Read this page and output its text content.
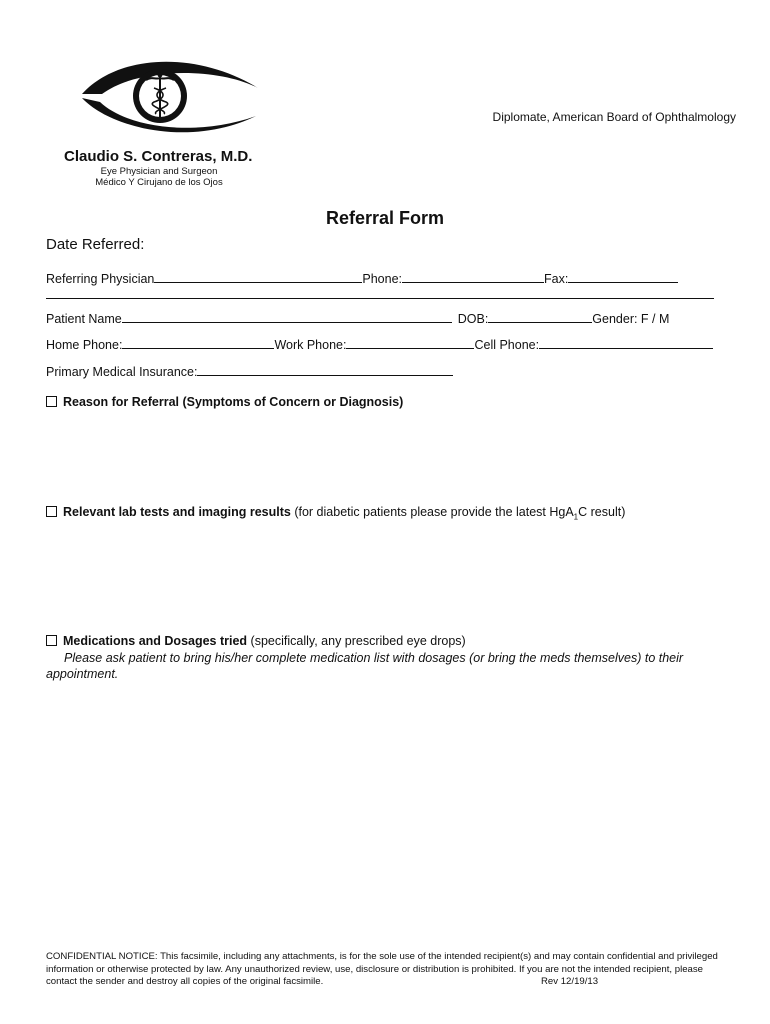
Diplomate, American Board of Ophthalmology
Claudio S. Contreras, M.D.
Eye Physician and Surgeon
Médico Y Cirujano de los Ojos
Referral Form
Date Referred:
Referring Physician	Phone:	Fax:
Patient Name	DOB:	Gender: F / M
Home Phone:	Work Phone:	Cell Phone:
Primary Medical Insurance:
Reason for Referral (Symptoms of Concern or Diagnosis)
Relevant lab tests and imaging results (for diabetic patients please provide the latest HgA$_1$C result)
Medications and Dosages tried (specifically, any prescribed eye drops)
Please ask patient to bring his/her complete medication list with dosages (or bring the meds themselves) to their appointment.
CONFIDENTIAL NOTICE: This facsimile, including any attachments, is for the sole use of the intended recipient(s) and may contain confidential and privileged information or otherwise protected by law. Any unauthorized review, use, disclosure or distribution is prohibited. If you are not the intended recipient, please contact the sender and destroy all copies of the original facsimile.	Rev 12/19/13
